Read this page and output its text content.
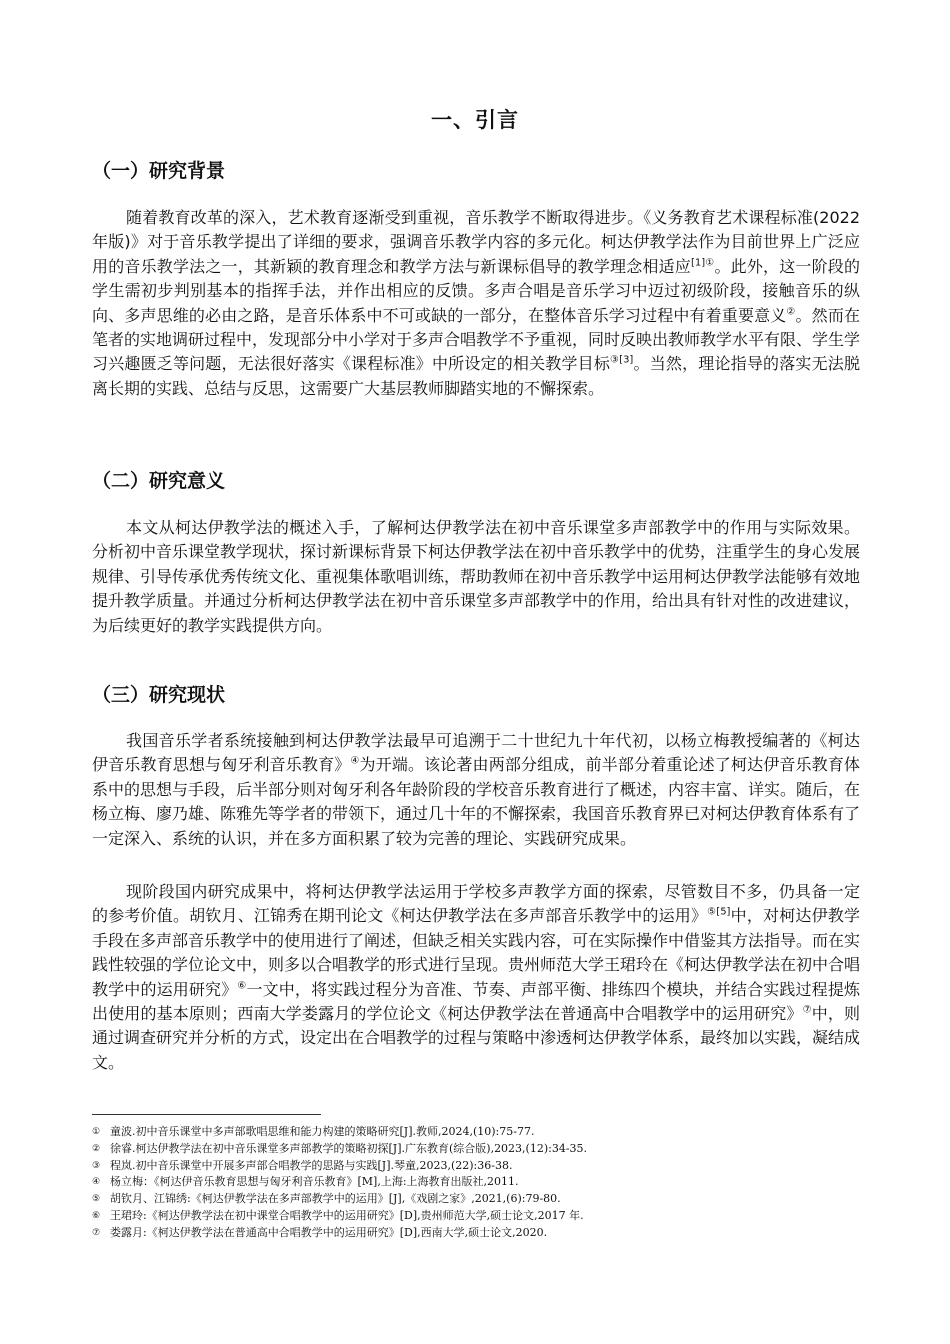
一、引言
（一）研究背景

随着教育改革的深入，艺术教育逐渐受到重视，音乐教学不断取得进步。《义务教育艺术课程标准(2022 年版)》对于音乐教学提出了详细的要求，强调音乐教学内容的多元化。柯达伊教学法作为目前世界上广泛应用的音乐教学法之一，其新颖的教育理念和教学方法与新课标倡导的教学理念相适应$^{[1]①}$。此外，这一阶段的学生需初步判别基本的指挥手法，并作出相应的反馈。多声合唱是音乐学习中迈过初级阶段，接触音乐的纵向、多声思维的必由之路，是音乐体系中不可或缺的一部分，在整体音乐学习过程中有着重要意义②。然而在笔者的实地调研过程中，发现部分中小学对于多声合唱教学不予重视，同时反映出教师教学水平有限、学生学习兴趣匮乏等问题，无法很好落实《课程标准》中所设定的相关教学目标$^{③[3]}$。当然，理论指导的落实无法脱离长期的实践、总结与反思，这需要广大基层教师脚踏实地的不懈探索。

（二）研究意义

本文从柯达伊教学法的概述入手，了解柯达伊教学法在初中音乐课堂多声部教学中的作用与实际效果。分析初中音乐课堂教学现状，探讨新课标背景下柯达伊教学法在初中音乐教学中的优势，注重学生的身心发展规律、引导传承优秀传统文化、重视集体歌唱训练，帮助教师在初中音乐教学中运用柯达伊教学法能够有效地提升教学质量。并通过分析柯达伊教学法在初中音乐课堂多声部教学中的作用，给出具有针对性的改进建议，为后续更好的教学实践提供方向。

（三）研究现状

我国音乐学者系统接触到柯达伊教学法最早可追溯于二十世纪九十年代初，以杨立梅教授编著的《柯达伊音乐教育思想与匈牙利音乐教育》④为开端。该论著由两部分组成，前半部分着重论述了柯达伊音乐教育体系中的思想与手段，后半部分则对匈牙利各年龄阶段的学校音乐教育进行了概述，内容丰富、详实。随后，在杨立梅、廖乃雄、陈雅先等学者的带领下，通过几十年的不懈探索，我国音乐教育界已对柯达伊教育体系有了一定深入、系统的认识，并在多方面积累了较为完善的理论、实践研究成果。

现阶段国内研究成果中，将柯达伊教学法运用于学校多声教学方面的探索，尽管数目不多，仍具备一定的参考价值。胡钦月、江锦秀在期刊论文《柯达伊教学法在多声部音乐教学中的运用》$^{⑤[5]}$中，对柯达伊教学手段在多声部音乐教学中的使用进行了阐述，但缺乏相关实践内容，可在实际操作中借鉴其方法指导。而在实践性较强的学位论文中，则多以合唱教学的形式进行呈现。贵州师范大学王珺玲在《柯达伊教学法在初中合唱教学中的运用研究》⑥一文中，将实践过程分为音准、节奏、声部平衡、排练四个模块，并结合实践过程提炼出使用的基本原则；西南大学娄露月的学位论文《柯达伊教学法在普通高中合唱教学中的运用研究》⑦中，则通过调查研究并分析的方式，设定出在合唱教学的过程与策略中渗透柯达伊教学体系，最终加以实践，凝结成文。

① 童波.初中音乐课堂中多声部歌唱思维和能力构建的策略研究[J].教师,2024,(10):75-77.
② 徐睿.柯达伊教学法在初中音乐课堂多声部教学的策略初探[J].广东教育(综合版),2023,(12):34-35.
③ 程岚.初中音乐课堂中开展多声部合唱教学的思路与实践[J].琴童,2023,(22):36-38.
④ 杨立梅：《柯达伊音乐教育思想与匈牙利音乐教育》[M],上海:上海教育出版社,2011.
⑤ 胡钦月、江锦绣:《柯达伊教学法在多声部教学中的运用》[J],《戏剧之家》,2021,(6):79-80.
⑥ 王珺玲:《柯达伊教学法在初中课堂合唱教学中的运用研究》[D],贵州师范大学,硕士论文,2017 年.
⑦ 娄露月:《柯达伊教学法在普通高中合唱教学中的运用研究》[D],西南大学,硕士论文,2020.
